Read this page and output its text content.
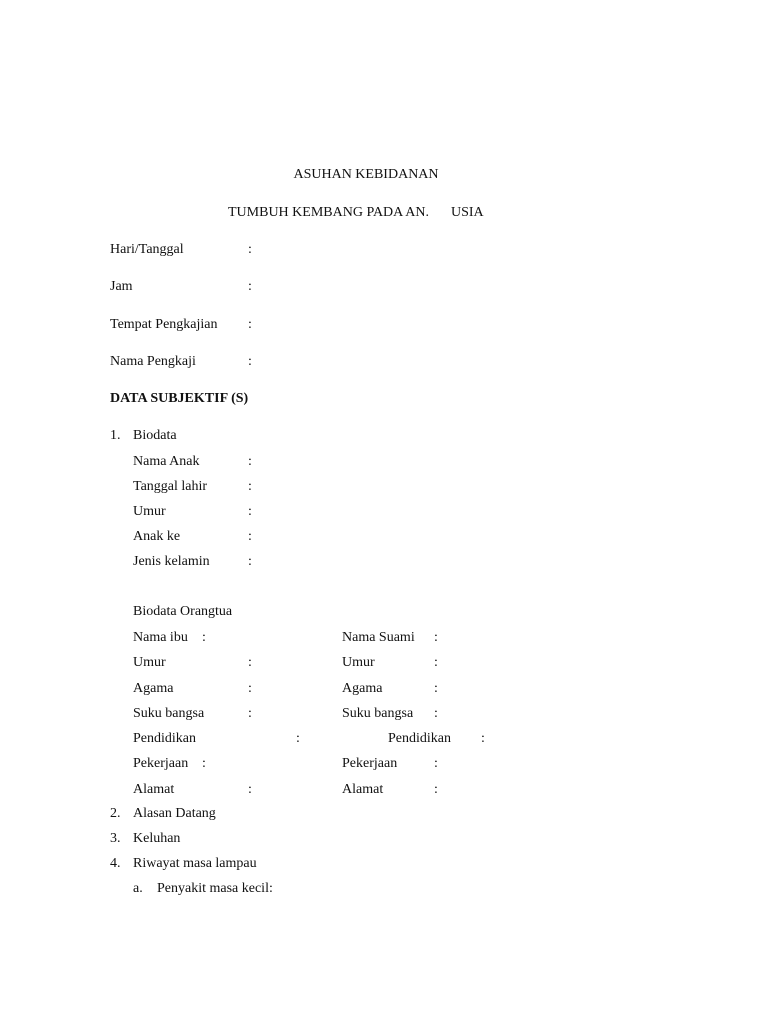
ASUHAN KEBIDANAN
TUMBUH KEMBANG PADA AN. USIA
Hari/Tanggal	:
Jam	:
Tempat Pengkajian :
Nama Pengkaji	:
DATA SUBJEKTIF (S)
1. Biodata
Nama Anak	:
Tanggal lahir	:
Umur	:
Anak ke	:
Jenis kelamin	:
Biodata Orangtua
Nama ibu :	Nama Suami :
Umur	:	Umur	:
Agama	:	Agama	:
Suku bangsa	:	Suku bangsa :
Pendidikan	:	Pendidikan :
Pekerjaan :	Pekerjaan	:
Alamat	:	Alamat	:
2. Alasan Datang
3. Keluhan
4. Riwayat masa lampau
a. Penyakit masa kecil:
